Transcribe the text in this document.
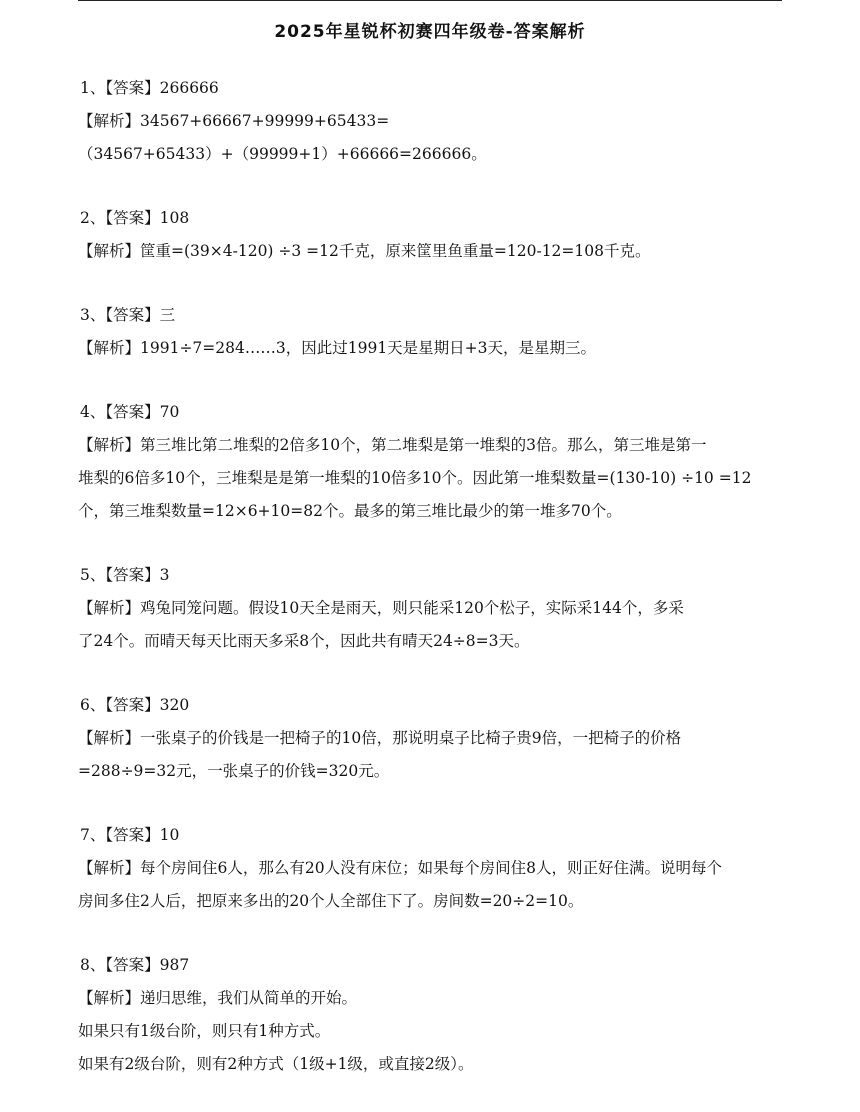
2025年星锐杯初赛四年级卷-答案解析

1、【答案】266666

【解析】34567+66667+99999+65433=（34567+65433）+（99999+1）+66666=266666。

2、【答案】108

【解析】筐重=(39×4-120) ÷3 =12千克，原来筐里鱼重量=120-12=108千克。

3、【答案】三

【解析】1991÷7=284……3，因此过1991天是星期日+3天，是星期三。

4、【答案】70

【解析】第三堆比第二堆梨的2倍多10个，第二堆梨是第一堆梨的3倍。那么，第三堆是第一

堆梨的6倍多10个，三堆梨是是第一堆梨的10倍多10个。因此第一堆梨数量=(130-10) ÷10 =12

个，第三堆梨数量=12×6+10=82个。最多的第三堆比最少的第一堆多70个。

5、【答案】3

【解析】鸡兔同笼问题。假设10天全是雨天，则只能采120个松子，实际采144个，多采

了24个。而晴天每天比雨天多采8个，因此共有晴天24÷8=3天。

6、【答案】320

【解析】一张桌子的价钱是一把椅子的10倍，那说明桌子比椅子贵9倍，一把椅子的价格

=288÷9=32元，一张桌子的价钱=320元。

7、【答案】10

【解析】每个房间住6人，那么有20人没有床位；如果每个房间住8人，则正好住满。说明每个

房间多住2人后，把原来多出的20个人全部住下了。房间数=20÷2=10。

8、【答案】987

【解析】递归思维，我们从简单的开始。

如果只有1级台阶，则只有1种方式。

如果有2级台阶，则有2种方式（1级+1级，或直接2级）。
